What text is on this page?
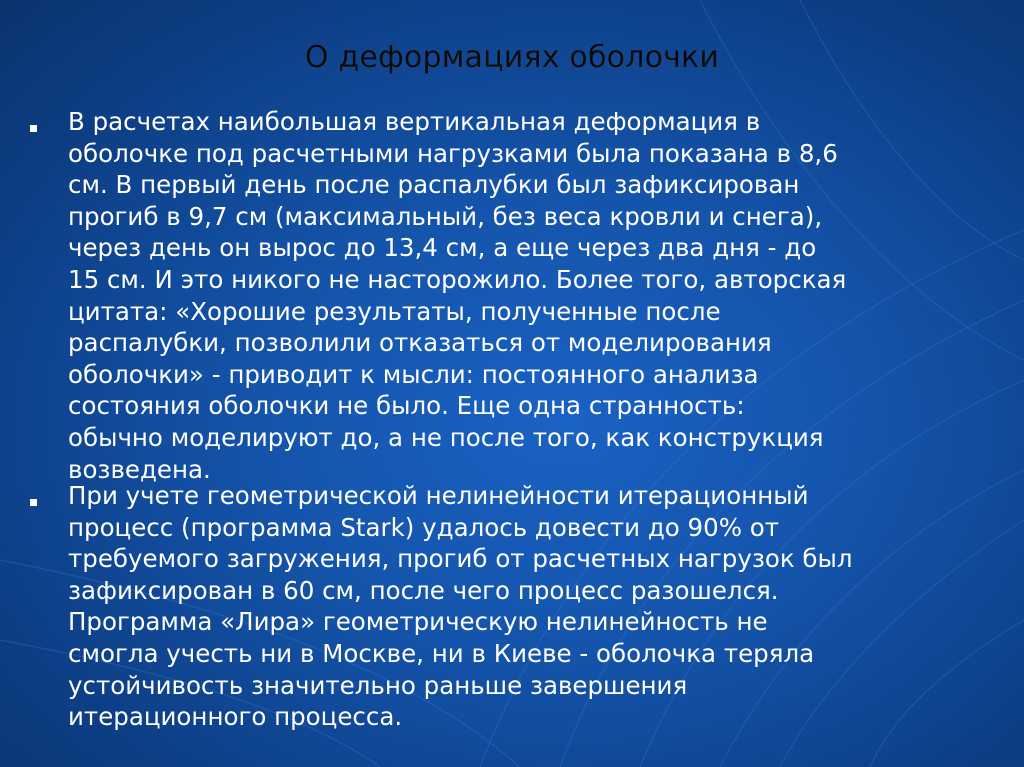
О деформациях оболочки
В расчетах наибольшая вертикальная деформация в
оболочке под расчетными нагрузками была показана в 8,6
см. В первый день после распалубки был зафиксирован
прогиб в 9,7 см (максимальный, без веса кровли и снега),
через день он вырос до 13,4 см, а еще через два дня - до
15 см. И это никого не насторожило. Более того, авторская
цитата: «Хорошие результаты, полученные после
распалубки, позволили отказаться от моделирования
оболочки» - приводит к мысли: постоянного анализа
состояния оболочки не было. Еще одна странность:
обычно моделируют до, а не после того, как конструкция
возведена.
При учете геометрической нелинейности итерационный
процесс (программа Stark) удалось довести до 90% от
требуемого загружения, прогиб от расчетных нагрузок был
зафиксирован в 60 см, после чего процесс разошелся.
Программа «Лира» геометрическую нелинейность не
смогла учесть ни в Москве, ни в Киеве - оболочка теряла
устойчивость значительно раньше завершения
итерационного процесса.
